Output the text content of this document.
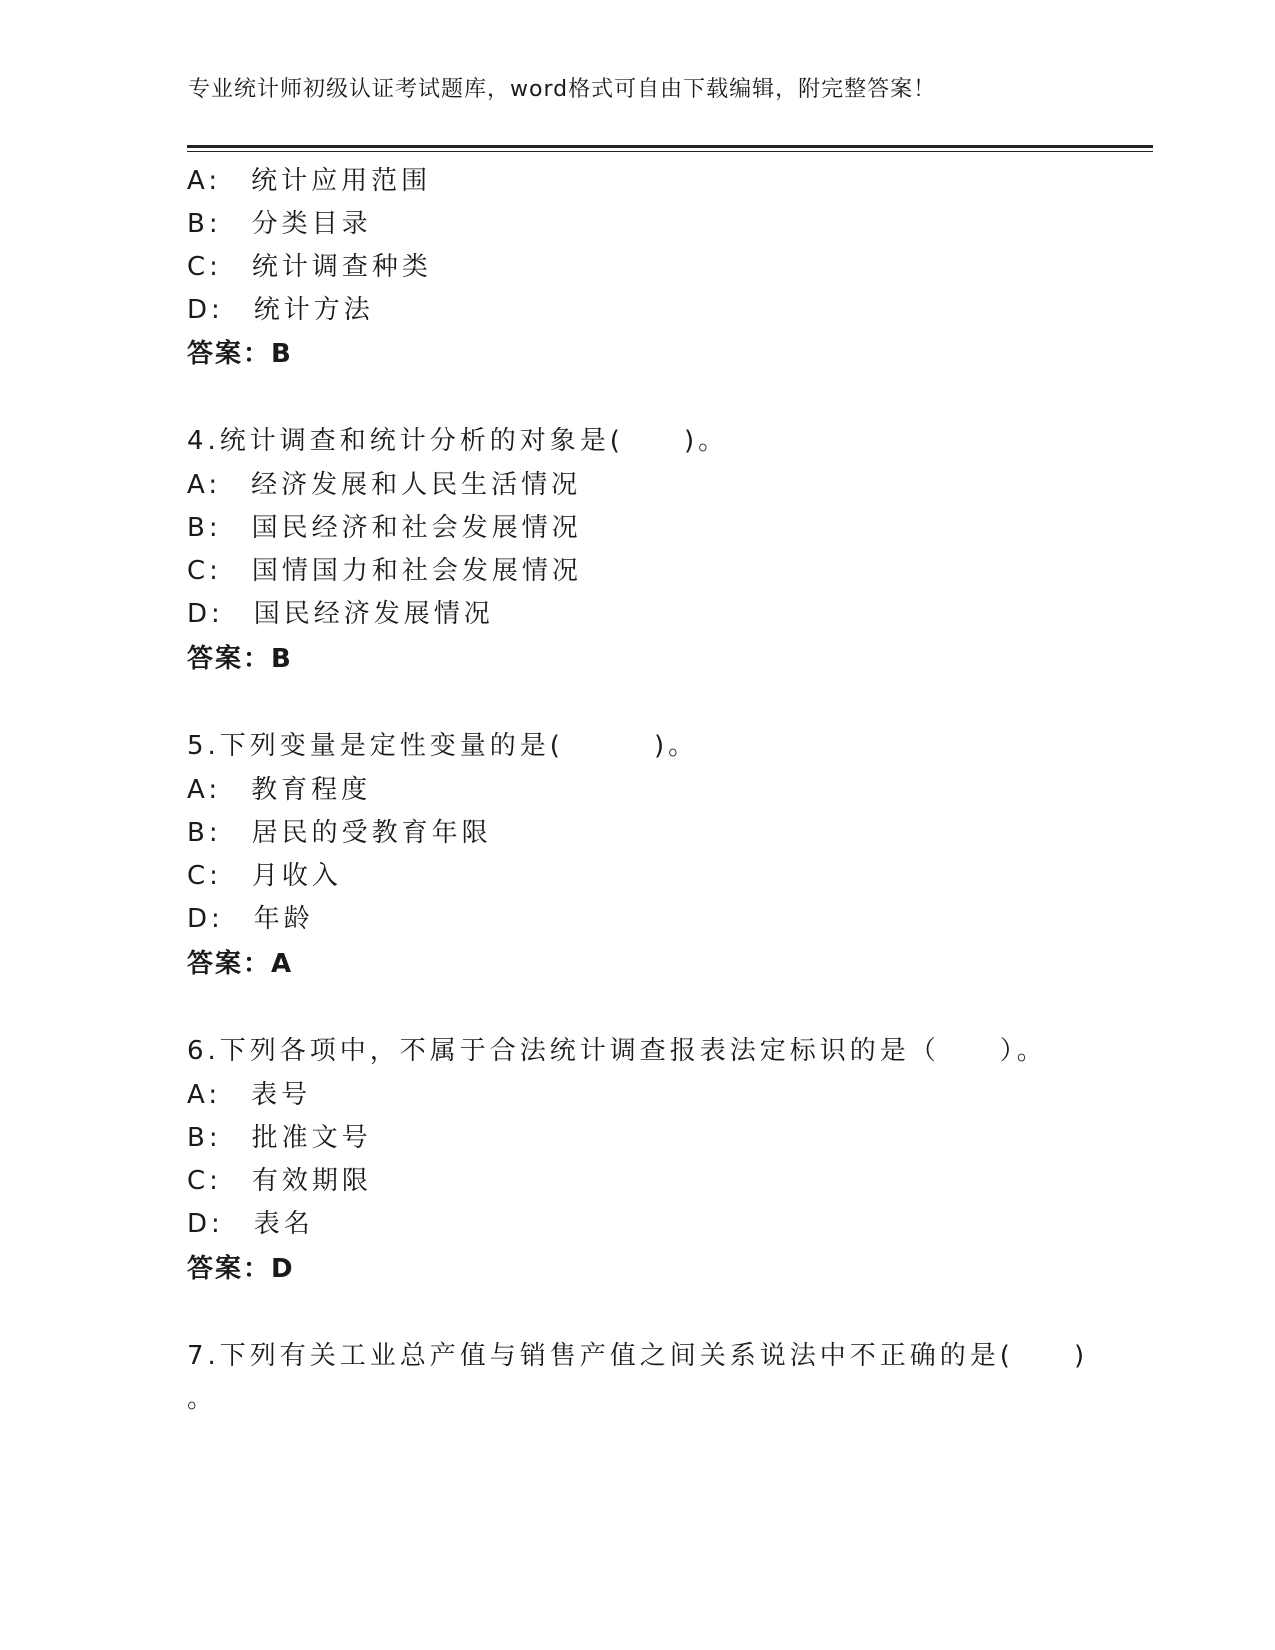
专业统计师初级认证考试题库，word格式可自由下载编辑，附完整答案！
A:　统计应用范围
B:　分类目录
C:　统计调查种类
D:　统计方法
答案：B
4.统计调查和统计分析的对象是(　　)。
A:　经济发展和人民生活情况
B:　国民经济和社会发展情况
C:　国情国力和社会发展情况
D:　国民经济发展情况
答案：B
5.下列变量是定性变量的是(　　　)。
A:　教育程度
B:　居民的受教育年限
C:　月收入
D:　年龄
答案：A
6.下列各项中，不属于合法统计调查报表法定标识的是（　　）。
A:　表号
B:　批准文号
C:　有效期限
D:　表名
答案：D
7.下列有关工业总产值与销售产值之间关系说法中不正确的是(　　)
。
